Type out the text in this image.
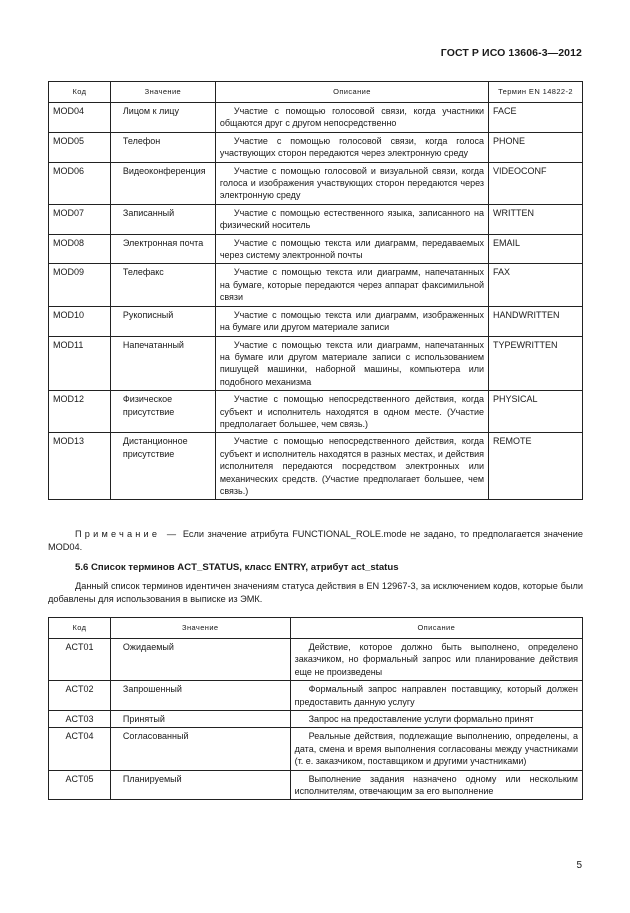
ГОСТ Р ИСО 13606-3—2012
Код	Значение	Описание	Термин EN 14822-2
MOD04	Лицом к лицу	Участие с помощью голосовой связи, когда участники общаются друг с другом непосредственно	FACE
MOD05	Телефон	Участие с помощью голосовой связи, когда голоса участвующих сторон передаются через электронную среду	PHONE
MOD06	Видеоконференция	Участие с помощью голосовой и визуальной связи, когда голоса и изображения участвующих сторон передаются через электронную среду	VIDEOCONF
MOD07	Записанный	Участие с помощью естественного языка, записанного на физический носитель	WRITTEN
MOD08	Электронная почта	Участие с помощью текста или диаграмм, передаваемых через систему электронной почты	EMAIL
MOD09	Телефакс	Участие с помощью текста или диаграмм, напечатанных на бумаге, которые передаются через аппарат факсимильной связи	FAX
MOD10	Рукописный	Участие с помощью текста или диаграмм, изображенных на бумаге или другом материале записи	HANDWRITTEN
MOD11	Напечатанный	Участие с помощью текста или диаграмм, напечатанных на бумаге или другом материале записи с использованием пишущей машинки, наборной машины, компьютера или подобного механизма	TYPEWRITTEN
MOD12	Физическое присутствие	Участие с помощью непосредственного действия, когда субъект и исполнитель находятся в одном месте. (Участие предполагает большее, чем связь.)	PHYSICAL
MOD13	Дистанционное присутствие	Участие с помощью непосредственного действия, когда субъект и исполнитель находятся в разных местах, и действия исполнителя передаются посредством электронных или механических средств. (Участие предполагает большее, чем связь.)	REMOTE

Примечание — Если значение атрибута FUNCTIONAL_ROLE.mode не задано, то предполагается значение MOD04.

5.6 Список терминов ACT_STATUS, класс ENTRY, атрибут act_status

Данный список терминов идентичен значениям статуса действия в EN 12967-3, за исключением кодов, которые были добавлены для использования в выписке из ЭМК.

Код	Значение	Описание
ACT01	Ожидаемый	Действие, которое должно быть выполнено, определено заказчиком, но формальный запрос или планирование действия еще не произведены
ACT02	Запрошенный	Формальный запрос направлен поставщику, который должен предоставить данную услугу
ACT03	Принятый	Запрос на предоставление услуги формально принят
ACT04	Согласованный	Реальные действия, подлежащие выполнению, определены, а дата, смена и время выполнения согласованы между участниками (т. е. заказчиком, поставщиком и другими участниками)
ACT05	Планируемый	Выполнение задания назначено одному или нескольким исполнителям, отвечающим за его выполнение
5
